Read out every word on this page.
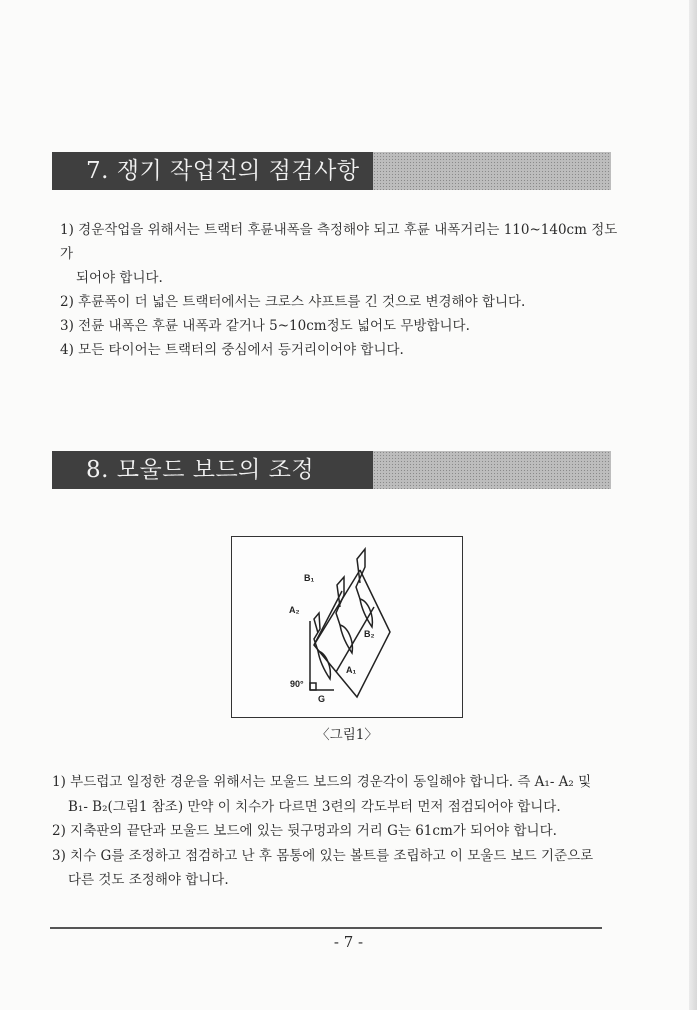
7. 쟁기 작업전의 점검사항
1) 경운작업을 위해서는 트랙터 후륜내폭을 측정해야 되고 후륜 내폭거리는 110~140cm 정도가

되어야 합니다.
2) 후륜폭이 더 넓은 트랙터에서는 크로스 샤프트를 긴 것으로 변경해야 합니다.
3) 전륜 내폭은 후륜 내폭과 같거나 5~10cm정도 넓어도 무방합니다.
4) 모든 타이어는 트랙터의 중심에서 등거리이어야 합니다.
8. 모울드 보드의 조정
B₁
A₂
B₂
A₁
90°
G
〈그림1〉
1) 부드럽고 일정한 경운을 위해서는 모울드 보드의 경운각이 동일해야 합니다. 즉 A₁- A₂ 및

B₁- B₂(그림1 참조) 만약 이 치수가 다르면 3련의 각도부터 먼저 점검되어야 합니다.
2) 지축판의 끝단과 모울드 보드에 있는 뒷구멍과의 거리 G는 61cm가 되어야 합니다.
3) 치수 G를 조정하고 점검하고 난 후 몸통에 있는 볼트를 조립하고 이 모울드 보드 기준으로

다른 것도 조정해야 합니다.
- 7 -
